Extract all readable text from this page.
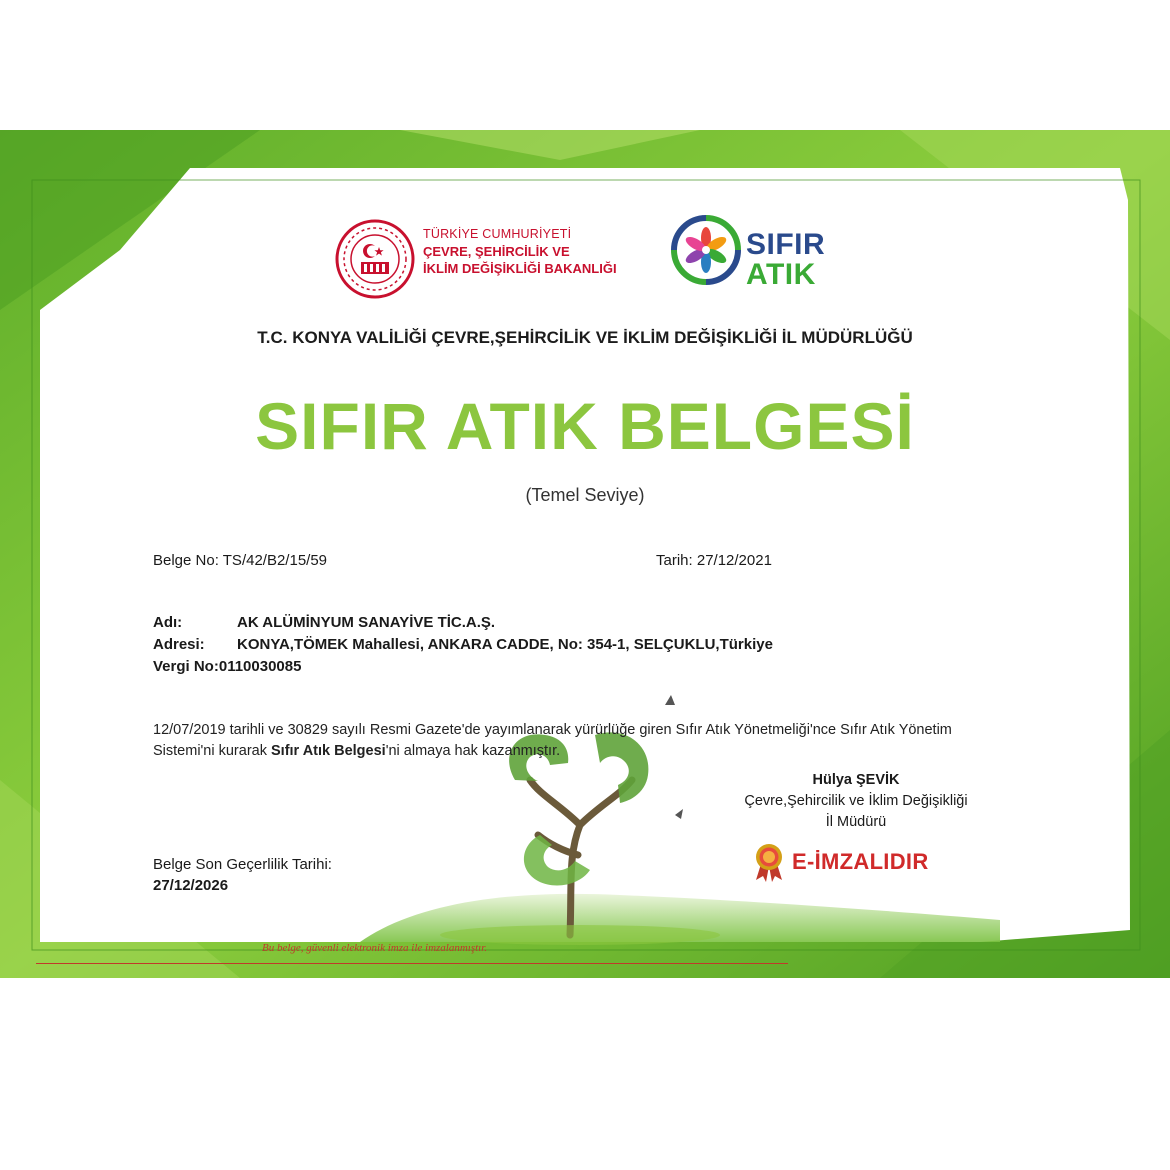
TÜRKİYE CUMHURİYETİ
ÇEVRE, ŞEHİRCİLİK VE
İKLİM DEĞİŞİKLİĞİ BAKANLIĞI
SIFIR
ATIK
T.C. KONYA VALİLİĞİ ÇEVRE,ŞEHİRCİLİK VE İKLİM DEĞİŞİKLİĞİ İL MÜDÜRLÜĞÜ
SIFIR ATIK BELGESİ
(Temel Seviye)
Belge No: TS/42/B2/15/59	Tarih: 27/12/2021
Adı:	AK ALÜMİNYUM SANAYİVE TİC.A.Ş.
Adresi:	KONYA,TÖMEK Mahallesi, ANKARA CADDE, No: 354-1, SELÇUKLU,Türkiye
Vergi No: 0110030085
12/07/2019 tarihli ve 30829 sayılı Resmi Gazete'de yayımlanarak yürürlüğe giren Sıfır Atık Yönetmeliği'nce Sıfır Atık Yönetim Sistemi'ni kurarak Sıfır Atık Belgesi'ni almaya hak kazanmıştır.
Hülya ŞEVİK
Çevre,Şehircilik ve İklim Değişikliği
İl Müdürü
E-İMZALIDIR
Belge Son Geçerlilik Tarihi:
27/12/2026
Bu belge, güvenli elektronik imza ile imzalanmıştır.
